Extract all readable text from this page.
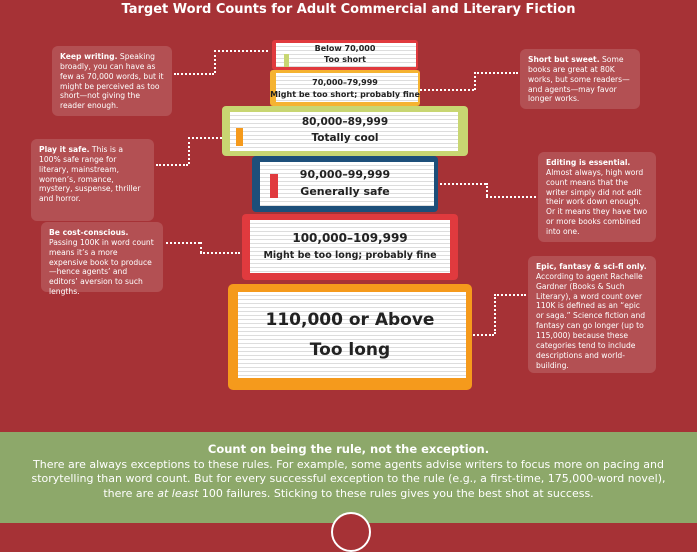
Target Word Counts for Adult Commercial and Literary Fiction
Keep writing. Speaking broadly, you can have as few as 70,000 words, but it might be perceived as too short—not giving the reader enough.
Play it safe. This is a 100% safe range for literary, mainstream, women’s, romance, mystery, suspense, thriller and horror.
Be cost-conscious. Passing 100K in word count means it’s a more expensive book to produce—hence agents’ and editors’ aversion to such lengths.
Short but sweet. Some books are great at 80K works, but some readers—and agents—may favor longer works.
Editing is essential. Almost always, high word count means that the writer simply did not edit their work down enough. Or it means they have two or more books combined into one.
Epic, fantasy & sci-fi only. According to agent Rachelle Gardner (Books & Such Literary), a word count over 110K is defined as an “epic or saga.” Science fiction and fantasy can go longer (up to 115,000) because these categories tend to include descriptions and world-building.
Below 70,000
Too short
70,000–79,999
Might be too short; probably fine
80,000–89,999
Totally cool
90,000–99,999
Generally safe
100,000–109,999
Might be too long; probably fine
110,000 or Above
Too long
Count on being the rule, not the exception.
There are always exceptions to these rules. For example, some agents advise writers to focus more on pacing and storytelling than word count. But for every successful exception to the rule (e.g., a first-time, 175,000-word novel), there are at least 100 failures. Sticking to these rules gives you the best shot at success.
